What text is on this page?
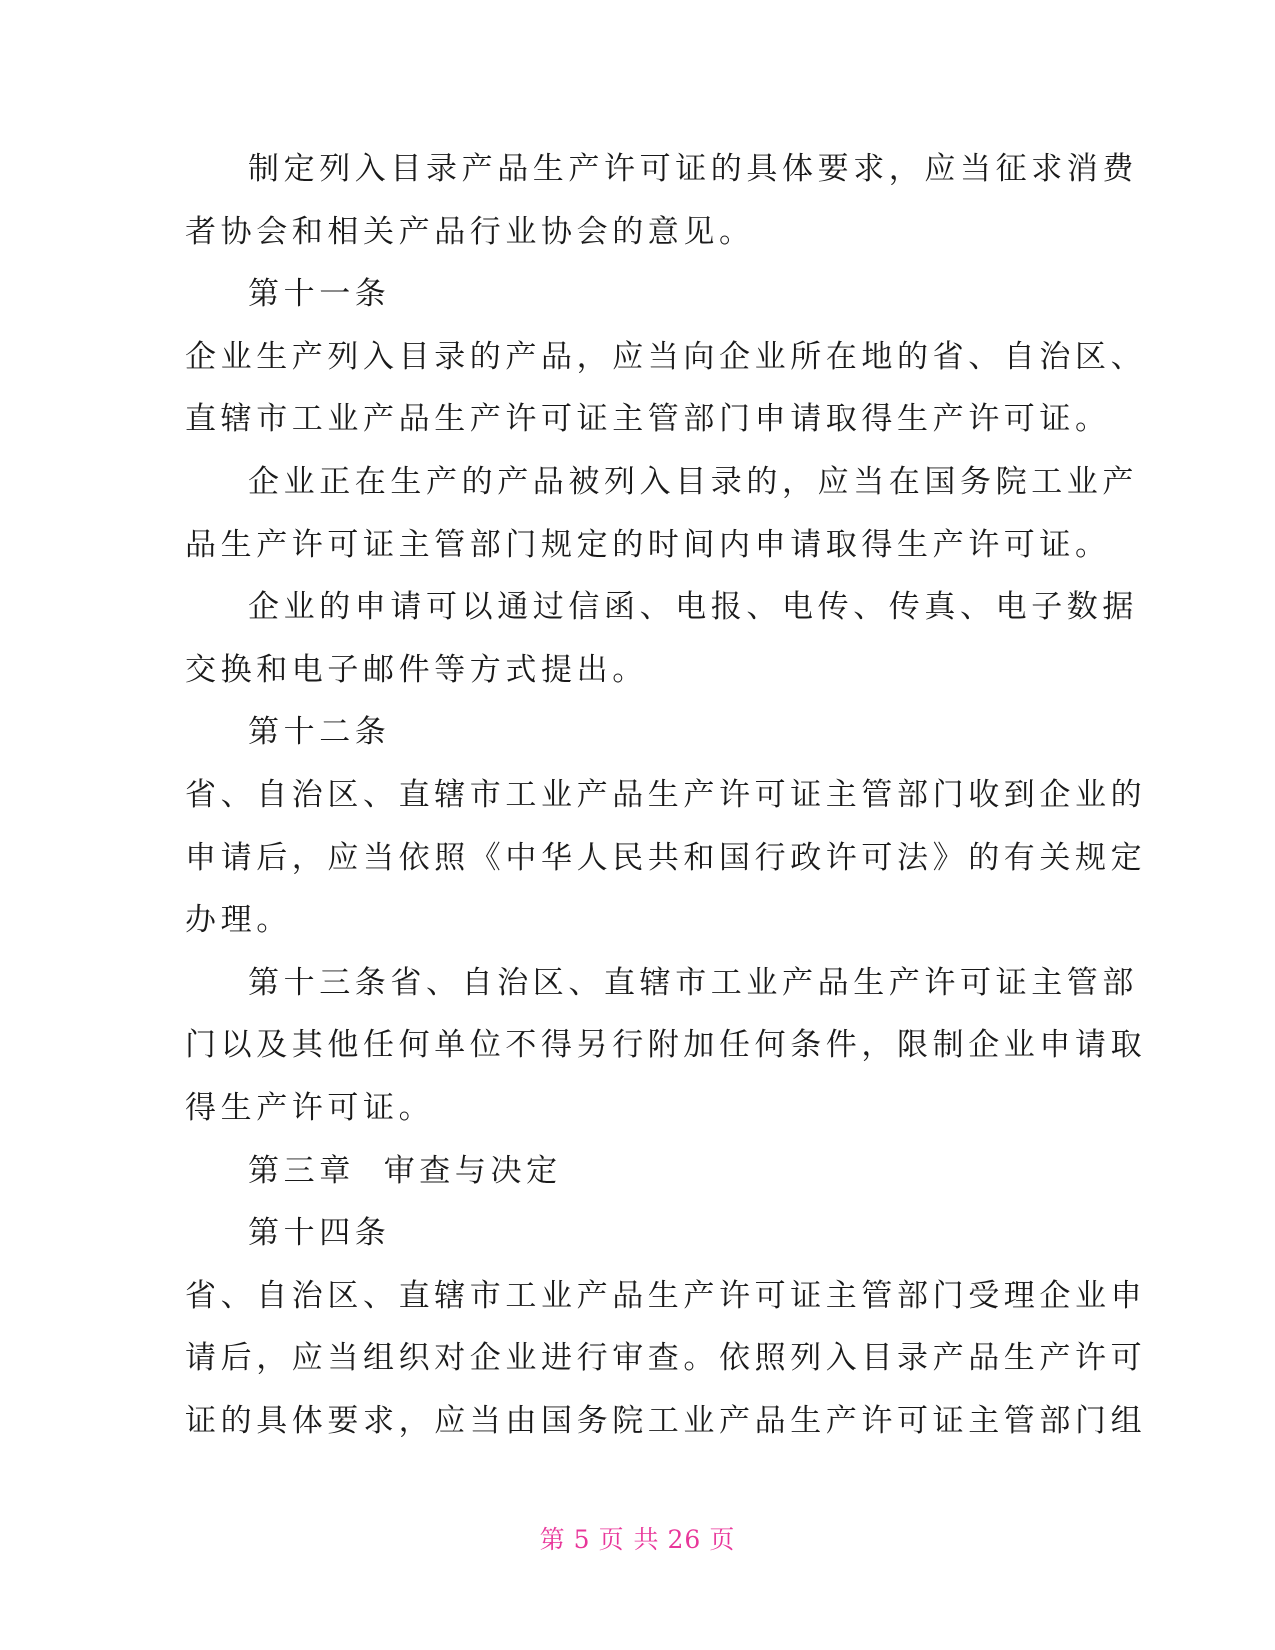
制定列入目录产品生产许可证的具体要求，应当征求消费
者协会和相关产品行业协会的意见。
第十一条
企业生产列入目录的产品，应当向企业所在地的省、自治区、
直辖市工业产品生产许可证主管部门申请取得生产许可证。
企业正在生产的产品被列入目录的，应当在国务院工业产
品生产许可证主管部门规定的时间内申请取得生产许可证。
企业的申请可以通过信函、电报、电传、传真、电子数据
交换和电子邮件等方式提出。
第十二条
省、自治区、直辖市工业产品生产许可证主管部门收到企业的
申请后，应当依照《中华人民共和国行政许可法》的有关规定
办理。
第十三条省、自治区、直辖市工业产品生产许可证主管部
门以及其他任何单位不得另行附加任何条件，限制企业申请取
得生产许可证。
第三章  审查与决定
第十四条
省、自治区、直辖市工业产品生产许可证主管部门受理企业申
请后，应当组织对企业进行审查。依照列入目录产品生产许可
证的具体要求，应当由国务院工业产品生产许可证主管部门组
第 5 页 共 26 页
